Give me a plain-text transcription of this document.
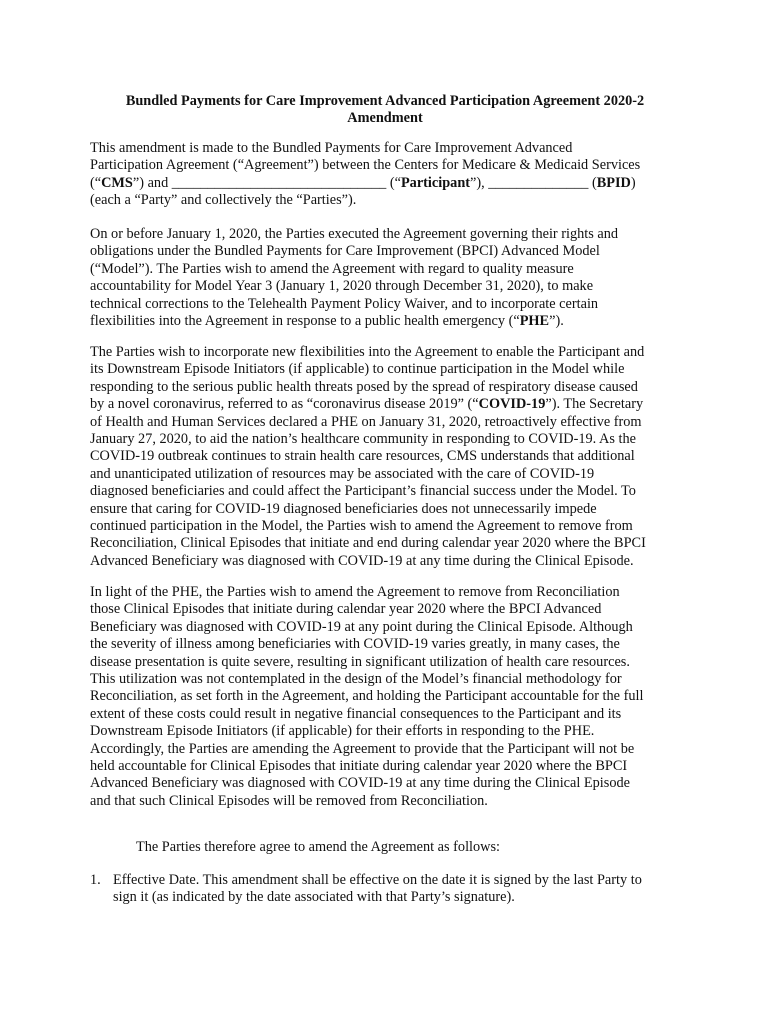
Bundled Payments for Care Improvement Advanced Participation Agreement 2020-2
Amendment
This amendment is made to the Bundled Payments for Care Improvement Advanced
Participation Agreement (“Agreement”) between the Centers for Medicare & Medicaid Services
(“CMS”) and ______________________________ (“Participant”), ______________ (BPID)
(each a “Party” and collectively the “Parties”).
On or before January 1, 2020, the Parties executed the Agreement governing their rights and
obligations under the Bundled Payments for Care Improvement (BPCI) Advanced Model
(“Model”). The Parties wish to amend the Agreement with regard to quality measure
accountability for Model Year 3 (January 1, 2020 through December 31, 2020), to make
technical corrections to the Telehealth Payment Policy Waiver, and to incorporate certain
flexibilities into the Agreement in response to a public health emergency (“PHE”).
The Parties wish to incorporate new flexibilities into the Agreement to enable the Participant and
its Downstream Episode Initiators (if applicable) to continue participation in the Model while
responding to the serious public health threats posed by the spread of respiratory disease caused
by a novel coronavirus, referred to as “coronavirus disease 2019” (“COVID-19”). The Secretary
of Health and Human Services declared a PHE on January 31, 2020, retroactively effective from
January 27, 2020, to aid the nation’s healthcare community in responding to COVID-19. As the
COVID-19 outbreak continues to strain health care resources, CMS understands that additional
and unanticipated utilization of resources may be associated with the care of COVID-19
diagnosed beneficiaries and could affect the Participant’s financial success under the Model. To
ensure that caring for COVID-19 diagnosed beneficiaries does not unnecessarily impede
continued participation in the Model, the Parties wish to amend the Agreement to remove from
Reconciliation, Clinical Episodes that initiate and end during calendar year 2020 where the BPCI
Advanced Beneficiary was diagnosed with COVID-19 at any time during the Clinical Episode.
In light of the PHE, the Parties wish to amend the Agreement to remove from Reconciliation
those Clinical Episodes that initiate during calendar year 2020 where the BPCI Advanced
Beneficiary was diagnosed with COVID-19 at any point during the Clinical Episode. Although
the severity of illness among beneficiaries with COVID-19 varies greatly, in many cases, the
disease presentation is quite severe, resulting in significant utilization of health care resources.
This utilization was not contemplated in the design of the Model’s financial methodology for
Reconciliation, as set forth in the Agreement, and holding the Participant accountable for the full
extent of these costs could result in negative financial consequences to the Participant and its
Downstream Episode Initiators (if applicable) for their efforts in responding to the PHE.
Accordingly, the Parties are amending the Agreement to provide that the Participant will not be
held accountable for Clinical Episodes that initiate during calendar year 2020 where the BPCI
Advanced Beneficiary was diagnosed with COVID-19 at any time during the Clinical Episode
and that such Clinical Episodes will be removed from Reconciliation.
The Parties therefore agree to amend the Agreement as follows:
1. Effective Date. This amendment shall be effective on the date it is signed by the last Party to
sign it (as indicated by the date associated with that Party’s signature).
